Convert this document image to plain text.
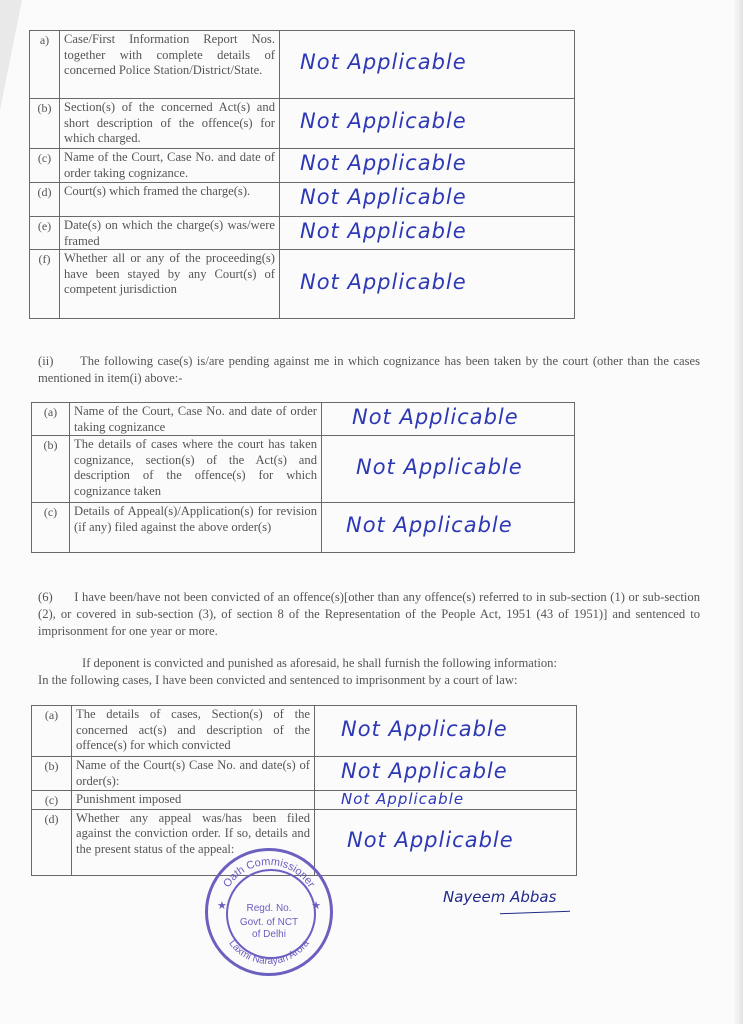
a)	Case/First Information Report Nos. together with complete details of concerned Police Station/District/State.	Not Applicable
(b)	Section(s) of the concerned Act(s) and short description of the offence(s) for which charged.	Not Applicable
(c)	Name of the Court, Case No. and date of order taking cognizance.	Not Applicable
(d)	Court(s) which framed the charge(s).	Not Applicable
(e)	Date(s) on which the charge(s) was/were framed	Not Applicable
(f)	Whether all or any of the proceeding(s) have been stayed by any Court(s) of competent jurisdiction	Not Applicable
(ii) The following case(s) is/are pending against me in which cognizance has been taken by the court (other than the cases mentioned in item(i) above:-
(a)	Name of the Court, Case No. and date of order taking cognizance	Not Applicable
(b)	The details of cases where the court has taken cognizance, section(s) of the Act(s) and description of the offence(s) for which cognizance taken	Not Applicable
(c)	Details of Appeal(s)/Application(s) for revision (if any) filed against the above order(s)	Not Applicable
(6) I have been/have not been convicted of an offence(s)[other than any offence(s) referred to in sub-section (1) or sub-section (2), or covered in sub-section (3), of section 8 of the Representation of the People Act, 1951 (43 of 1951)] and sentenced to imprisonment for one year or more.
If deponent is convicted and punished as aforesaid, he shall furnish the following information:
In the following cases, I have been convicted and sentenced to imprisonment by a court of law:
(a)	The details of cases, Section(s) of the concerned act(s) and description of the offence(s) for which convicted	Not Applicable
(b)	Name of the Court(s) Case No. and date(s) of order(s):	Not Applicable
(c)	Punishment imposed	Not Applicable
(d)	Whether any appeal was/has been filed against the conviction order. If so, details and the present status of the appeal:	Not Applicable
Oath Commissioner
Laxmi Narayan Arora
★	★
Regd. No.
Govt. of NCT
of Delhi
Nayeem Abbas
